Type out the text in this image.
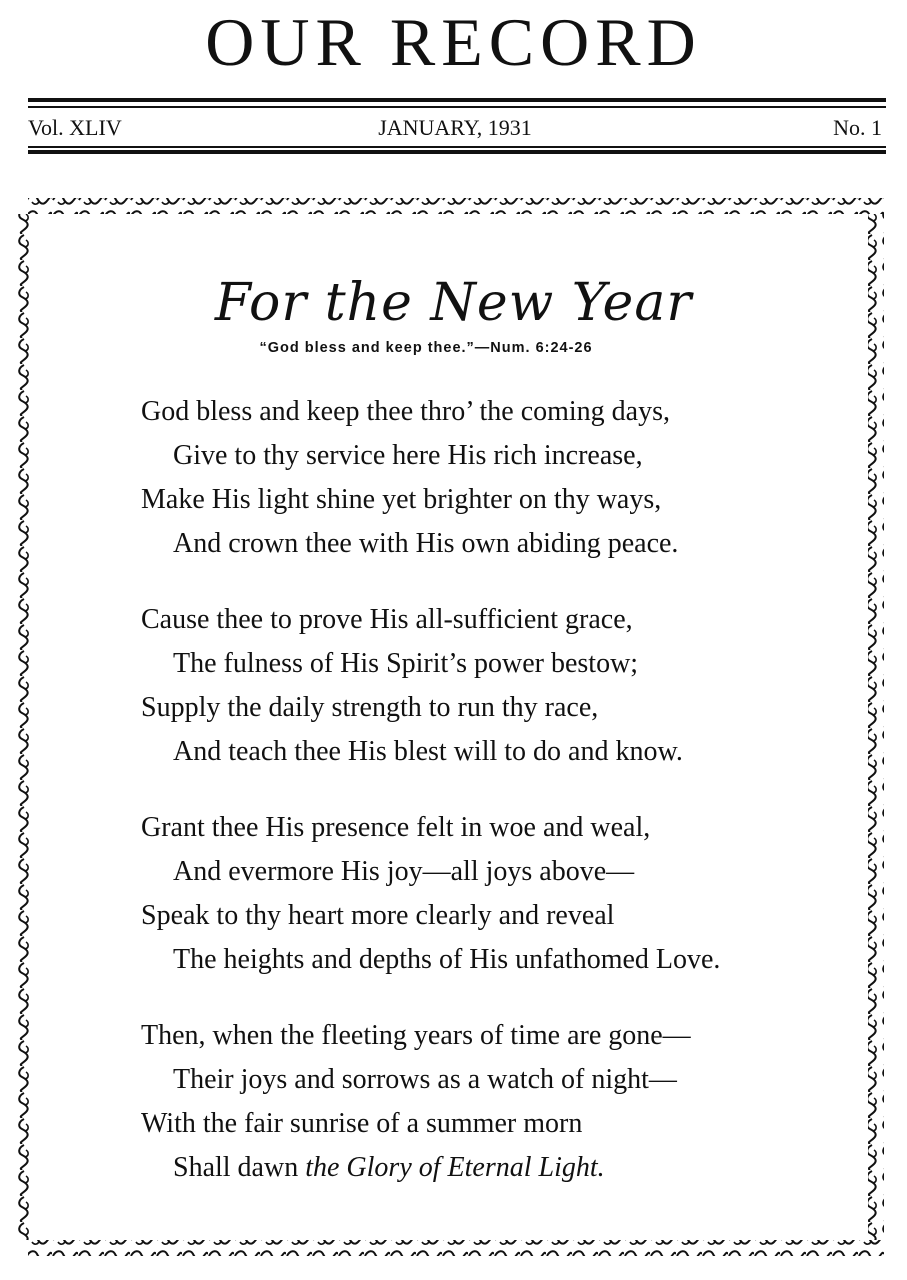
OUR RECORD
Vol. XLIV	JANUARY, 1931	No. 1
For the New Year
“God bless and keep thee.”—Num. 6:24-26
God bless and keep thee thro’ the coming days,
Give to thy service here His rich increase,
Make His light shine yet brighter on thy ways,
And crown thee with His own abiding peace.
Cause thee to prove His all-sufficient grace,
The fulness of His Spirit’s power bestow;
Supply the daily strength to run thy race,
And teach thee His blest will to do and know.
Grant thee His presence felt in woe and weal,
And evermore His joy—all joys above—
Speak to thy heart more clearly and reveal
The heights and depths of His unfathomed Love.
Then, when the fleeting years of time are gone—
Their joys and sorrows as a watch of night—
With the fair sunrise of a summer morn
Shall dawn the Glory of Eternal Light.
